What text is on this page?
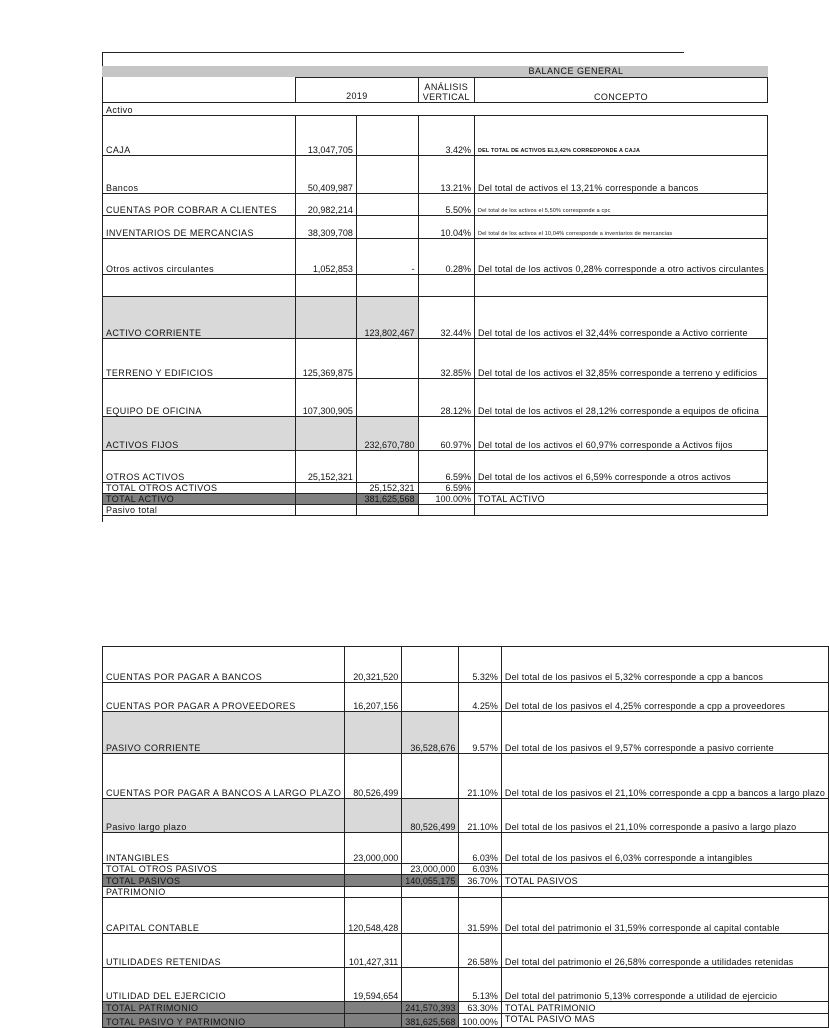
BALANCE GENERAL
	2019		ANÁLISIS VERTICAL	CONCEPTO
Activo				
CAJA	13,047,705		3.42%	DEL TOTAL DE ACTIVOS EL3,42% CORREDPONDE A CAJA
Bancos	50,409,987		13.21%	Del total de activos el 13,21% corresponde a bancos
CUENTAS POR COBRAR A CLIENTES	20,982,214		5.50%	Del total de los activos el 5,50% corresponde a cpc
INVENTARIOS DE MERCANCIAS	38,309,708		10.04%	Del total de los activos el 10,04% corresponde a inventarios de mercancias
Otros activos circulantes	1,052,853	-	0.28%	Del total de los activos 0,28% corresponde a otro activos circulantes

ACTIVO CORRIENTE		123,802,467	32.44%	Del total de los activos el 32,44% corresponde a Activo corriente
TERRENO Y EDIFICIOS	125,369,875		32.85%	Del total de los activos el 32,85% corresponde a terreno y edificios
EQUIPO DE OFICINA	107,300,905		28.12%	Del total de los activos el 28,12% corresponde a equipos de oficina
ACTIVOS FIJOS		232,670,780	60.97%	Del total de los activos el 60,97% corresponde a Activos fijos
OTROS ACTIVOS	25,152,321		6.59%	Del total de los activos el 6,59% corresponde a otros activos
TOTAL OTROS ACTIVOS		25,152,321	6.59%	
TOTAL ACTIVO		381,625,568	100.00%	TOTAL ACTIVO
Pasivo total				
CUENTAS POR PAGAR A BANCOS	20,321,520		5.32%	Del total de los pasivos el 5,32% corresponde a cpp a bancos
CUENTAS POR PAGAR A PROVEEDORES	16,207,156		4.25%	Del total de los pasivos el 4,25% corresponde a cpp a proveedores
PASIVO CORRIENTE		36,528,676	9.57%	Del total de los pasivos el 9,57% corresponde a pasivo corriente
CUENTAS POR PAGAR A BANCOS A LARGO PLAZO	80,526,499		21.10%	Del total de los pasivos el 21,10% corresponde a cpp a bancos a largo plazo
Pasivo largo plazo		80,526,499	21.10%	Del total de los pasivos el 21,10% corresponde a pasivo a largo plazo
INTANGIBLES	23,000,000		6.03%	Del total de los pasivos el 6,03% corresponde a intangibles
TOTAL OTROS PASIVOS		23,000,000	6.03%	
TOTAL PASIVOS		140,055,175	36.70%	TOTAL PASIVOS
PATRIMONIO				
CAPITAL CONTABLE	120,548,428		31.59%	Del total del patrimonio el 31,59% corresponde al capital contable
UTILIDADES RETENIDAS	101,427,311		26.58%	Del total del patrimonio el 26,58% corresponde a utilidades retenidas
UTILIDAD DEL EJERCICIO	19,594,654		5.13%	Del total del patrimonio 5,13% corresponde a utilidad de ejercicio
TOTAL PATRIMONIO		241,570,393	63.30%	TOTAL PATRIMONIO
TOTAL PASIVO Y PATRIMONIO		381,625,568	100.00%	TOTAL PASIVO MAS
